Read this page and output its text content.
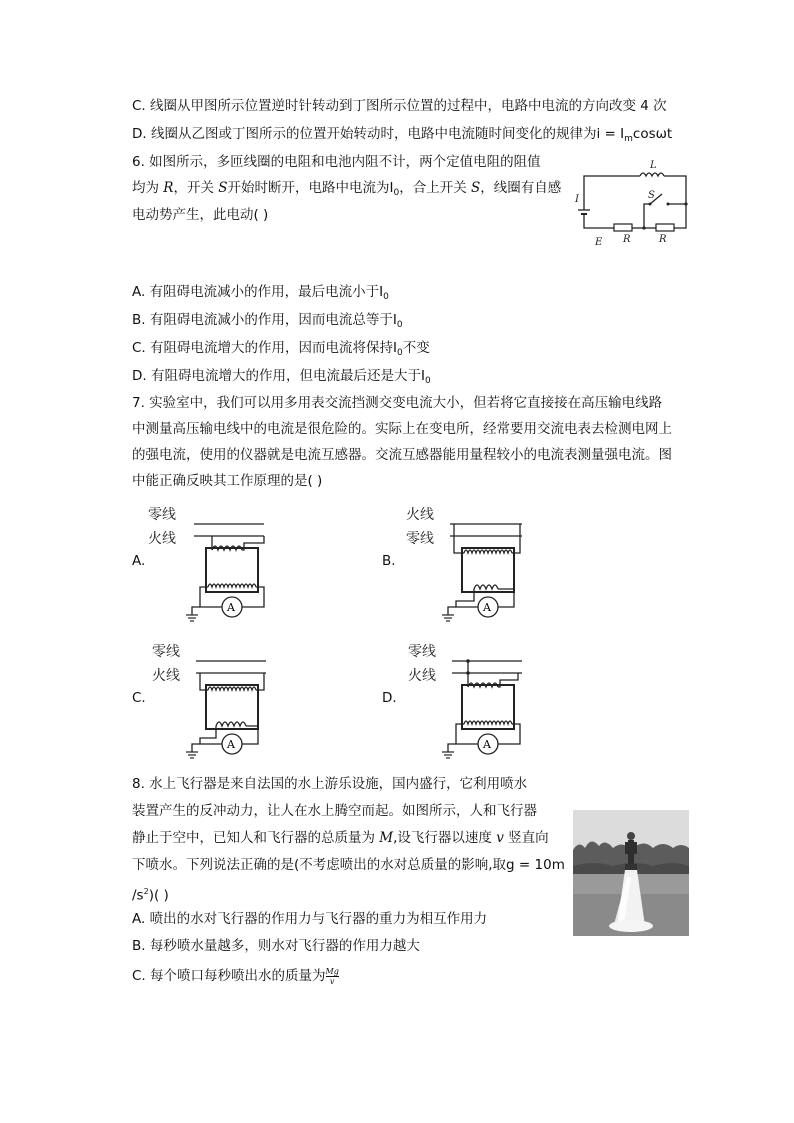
C. 线圈从甲图所示位置逆时针转动到丁图所示位置的过程中，电路中电流的方向改变 4 次
D. 线圈从乙图或丁图所示的位置开始转动时，电路中电流随时间变化的规律为$i = I_m\cos\omega t$
6. 如图所示，多匝线圈的电阻和电池内阻不计，两个定值电阻的阻值
均为 R，开关 S开始时断开，电路中电流为$I_0$，合上开关 S，线圈有自感
电动势产生，此电动( )
L
S
I
E R	R
A. 有阻碍电流减小的作用，最后电流小于$I_0$
B. 有阻碍电流减小的作用，因而电流总等于$I_0$
C. 有阻碍电流增大的作用，因而电流将保持$I_0$不变
D. 有阻碍电流增大的作用，但电流最后还是大于$I_0$
7. 实验室中，我们可以用多用表交流挡测交变电流大小，但若将它直接接在高压输电线路
中测量高压输电线中的电流是很危险的。实际上在变电所，经常要用交流电表去检测电网上
的强电流，使用的仪器就是电流互感器。交流互感器能用量程较小的电流表测量强电流。图
中能正确反映其工作原理的是( )
A.	B.
C.	D.
零线
火线
A
火线
零线
A
零线
火线
A
零线
火线
A
8. 水上飞行器是来自法国的水上游乐设施，国内盛行，它利用喷水
装置产生的反冲动力，让人在水上腾空而起。如图所示，人和飞行器
静止于空中，已知人和飞行器的总质量为 M,设飞行器以速度 v 竖直向
下喷水。下列说法正确的是(不考虑喷出的水对总质量的影响,取g = 10m
$/s^2$)( )
A. 喷出的水对飞行器的作用力与飞行器的重力为相互作用力
B. 每秒喷水量越多，则水对飞行器的作用力越大
C. 每个喷口每秒喷出水的质量为 $\frac{Mg}{v}$
